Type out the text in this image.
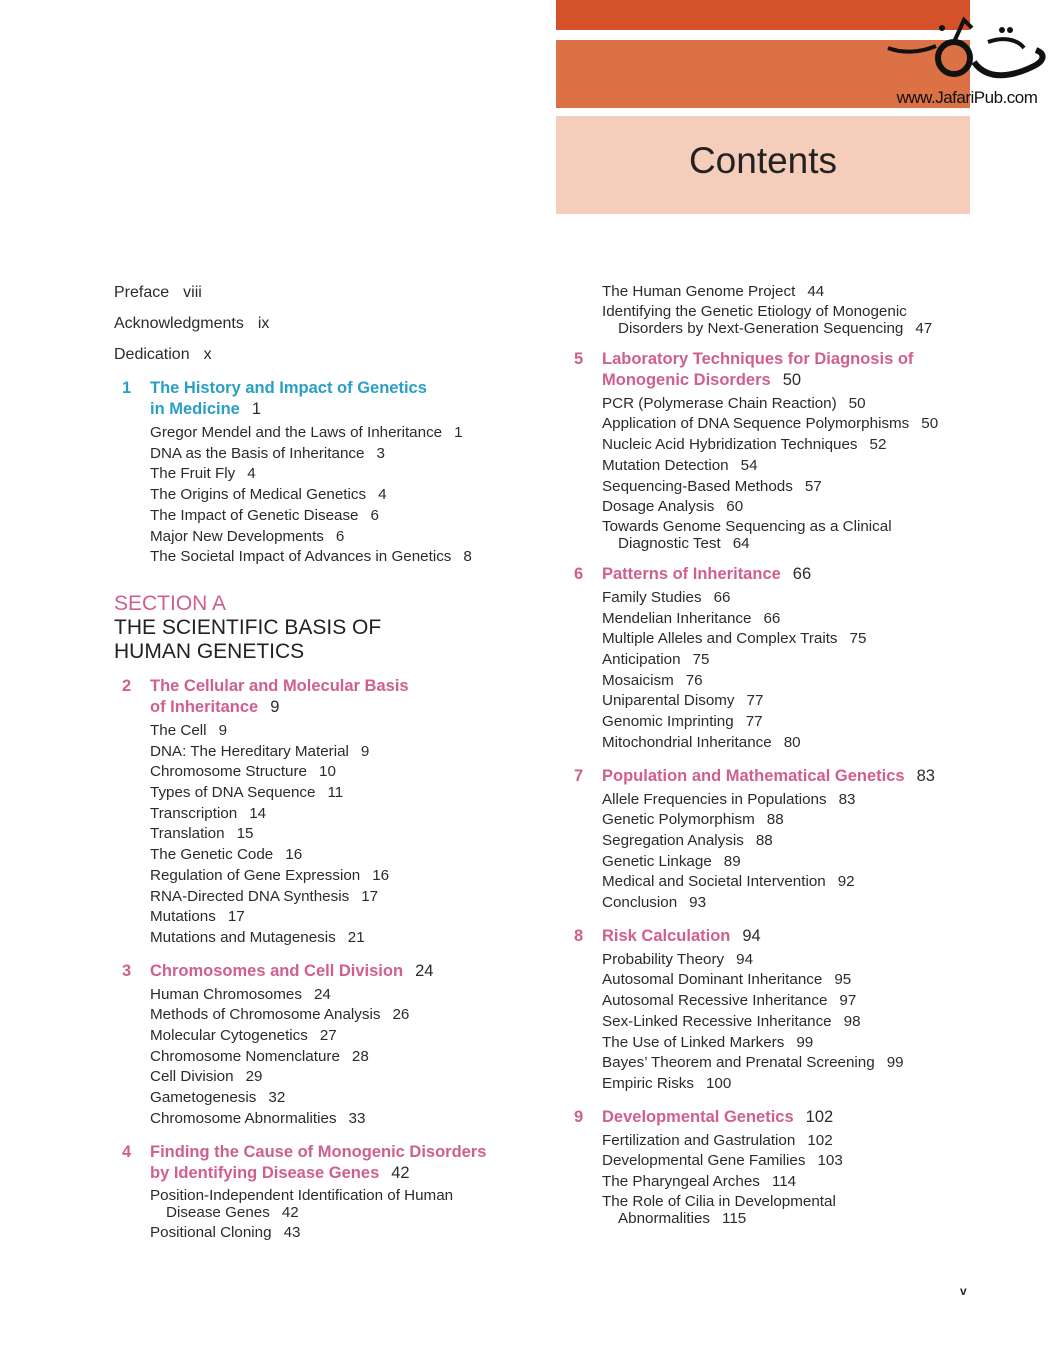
Contents
www.JafariPub.com
Preface viii
Acknowledgments ix
Dedication x
1 The History and Impact of Genetics
in Medicine 1
Gregor Mendel and the Laws of Inheritance 1
DNA as the Basis of Inheritance 3
The Fruit Fly 4
The Origins of Medical Genetics 4
The Impact of Genetic Disease 6
Major New Developments 6
The Societal Impact of Advances in Genetics 8
SECTION A
THE SCIENTIFIC BASIS OF
HUMAN GENETICS
2 The Cellular and Molecular Basis
of Inheritance 9
The Cell 9
DNA: The Hereditary Material 9
Chromosome Structure 10
Types of DNA Sequence 11
Transcription 14
Translation 15
The Genetic Code 16
Regulation of Gene Expression 16
RNA-Directed DNA Synthesis 17
Mutations 17
Mutations and Mutagenesis 21
3 Chromosomes and Cell Division 24
Human Chromosomes 24
Methods of Chromosome Analysis 26
Molecular Cytogenetics 27
Chromosome Nomenclature 28
Cell Division 29
Gametogenesis 32
Chromosome Abnormalities 33
4 Finding the Cause of Monogenic Disorders
by Identifying Disease Genes 42
Position-Independent Identification of Human
Disease Genes 42
Positional Cloning 43
The Human Genome Project 44
Identifying the Genetic Etiology of Monogenic
Disorders by Next-Generation Sequencing 47
5 Laboratory Techniques for Diagnosis of
Monogenic Disorders 50
PCR (Polymerase Chain Reaction) 50
Application of DNA Sequence Polymorphisms 50
Nucleic Acid Hybridization Techniques 52
Mutation Detection 54
Sequencing-Based Methods 57
Dosage Analysis 60
Towards Genome Sequencing as a Clinical
Diagnostic Test 64
6 Patterns of Inheritance 66
Family Studies 66
Mendelian Inheritance 66
Multiple Alleles and Complex Traits 75
Anticipation 75
Mosaicism 76
Uniparental Disomy 77
Genomic Imprinting 77
Mitochondrial Inheritance 80
7 Population and Mathematical Genetics 83
Allele Frequencies in Populations 83
Genetic Polymorphism 88
Segregation Analysis 88
Genetic Linkage 89
Medical and Societal Intervention 92
Conclusion 93
8 Risk Calculation 94
Probability Theory 94
Autosomal Dominant Inheritance 95
Autosomal Recessive Inheritance 97
Sex-Linked Recessive Inheritance 98
The Use of Linked Markers 99
Bayes’ Theorem and Prenatal Screening 99
Empiric Risks 100
9 Developmental Genetics 102
Fertilization and Gastrulation 102
Developmental Gene Families 103
The Pharyngeal Arches 114
The Role of Cilia in Developmental
Abnormalities 115
v
